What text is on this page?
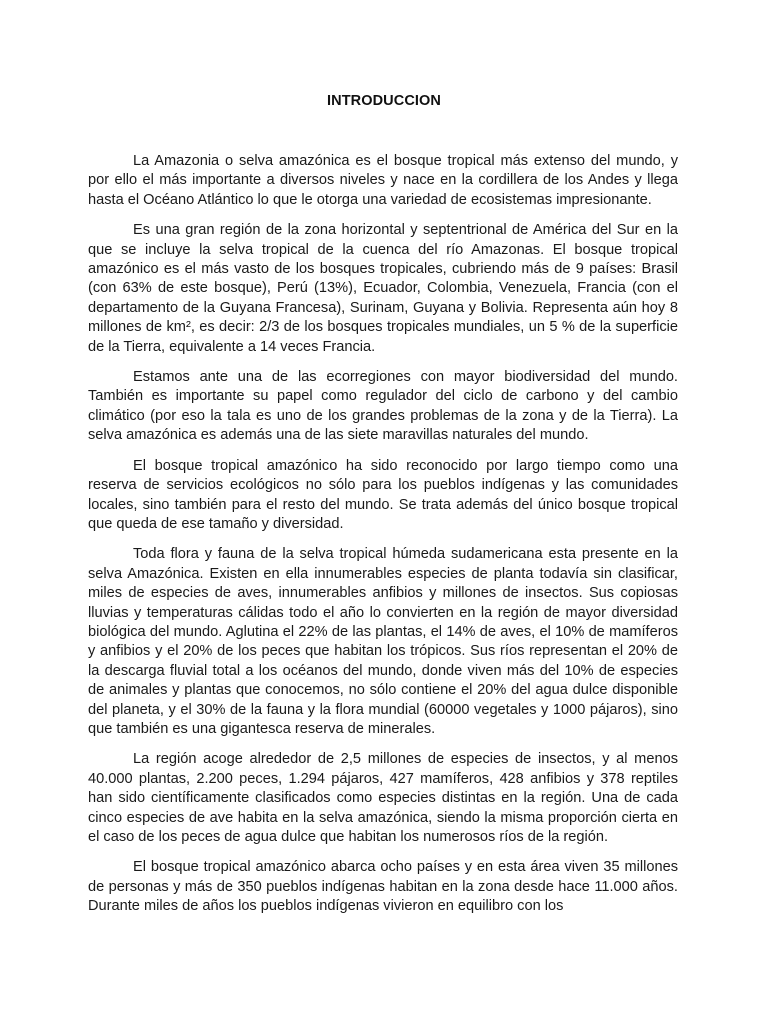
INTRODUCCION

La Amazonia o selva amazónica es el bosque tropical más extenso del mundo, y por ello el más importante a diversos niveles y nace en la cordillera de los Andes y llega hasta el Océano Atlántico lo que le otorga una variedad de ecosistemas impresionante.

Es una gran región de la zona horizontal y septentrional de América del Sur en la que se incluye la selva tropical de la cuenca del río Amazonas. El bosque tropical amazónico es el más vasto de los bosques tropicales, cubriendo más de 9 países: Brasil (con 63% de este bosque), Perú (13%), Ecuador, Colombia, Venezuela, Francia (con el departamento de la Guyana Francesa), Surinam, Guyana y Bolivia. Representa aún hoy 8 millones de km², es decir: 2/3 de los bosques tropicales mundiales, un 5 % de la superficie de la Tierra, equivalente a 14 veces Francia.

Estamos ante una de las ecorregiones con mayor biodiversidad del mundo. También es importante su papel como regulador del ciclo de carbono y del cambio climático (por eso la tala es uno de los grandes problemas de la zona y de la Tierra). La selva amazónica es además una de las siete maravillas naturales del mundo.

El bosque tropical amazónico ha sido reconocido por largo tiempo como una reserva de servicios ecológicos no sólo para los pueblos indígenas y las comunidades locales, sino también para el resto del mundo. Se trata además del único bosque tropical que queda de ese tamaño y diversidad.

Toda flora y fauna de la selva tropical húmeda sudamericana esta presente en la selva Amazónica. Existen en ella innumerables especies de planta todavía sin clasificar, miles de especies de aves, innumerables anfibios y millones de insectos. Sus copiosas lluvias y temperaturas cálidas todo el año lo convierten en la región de mayor diversidad biológica del mundo. Aglutina el 22% de las plantas, el 14% de aves, el 10% de mamíferos y anfibios y el 20% de los peces que habitan los trópicos. Sus ríos representan el 20% de la descarga fluvial total a los océanos del mundo, donde viven más del 10% de especies de animales y plantas que conocemos, no sólo contiene el 20% del agua dulce disponible del planeta, y el 30% de la fauna y la flora mundial (60000 vegetales y 1000 pájaros), sino que también es una gigantesca reserva de minerales.

La región acoge alrededor de 2,5 millones de especies de insectos, y al menos 40.000 plantas, 2.200 peces, 1.294 pájaros, 427 mamíferos, 428 anfibios y 378 reptiles han sido científicamente clasificados como especies distintas en la región. Una de cada cinco especies de ave habita en la selva amazónica, siendo la misma proporción cierta en el caso de los peces de agua dulce que habitan los numerosos ríos de la región.

El bosque tropical amazónico abarca ocho países y en esta área viven 35 millones de personas y más de 350 pueblos indígenas habitan en la zona desde hace 11.000 años. Durante miles de años los pueblos indígenas vivieron en equilibro con los
